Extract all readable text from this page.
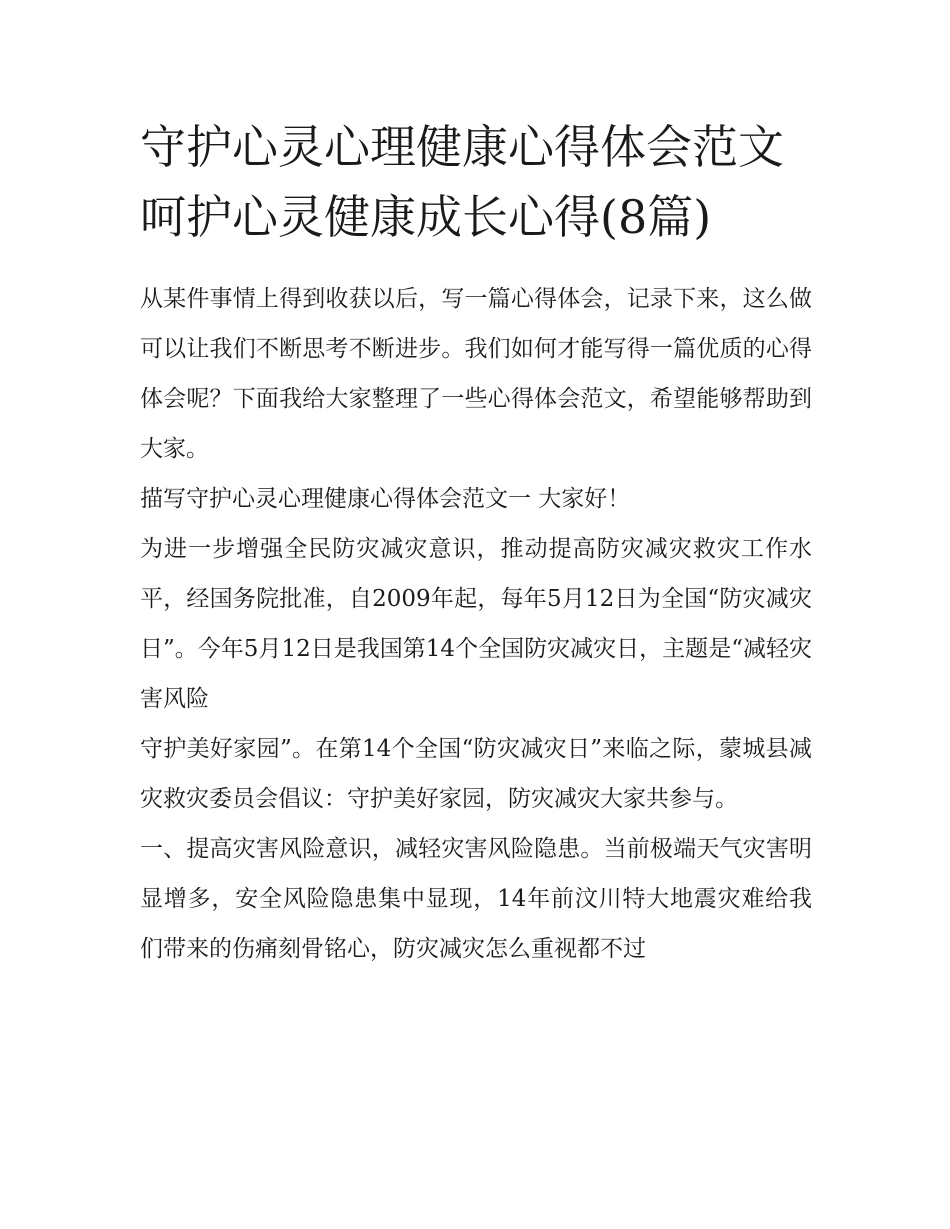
守护心灵心理健康心得体会范文 呵护心灵健康成长心得(8篇)

从某件事情上得到收获以后，写一篇心得体会，记录下来，这么做可以让我们不断思考不断进步。我们如何才能写得一篇优质的心得体会呢？下面我给大家整理了一些心得体会范文，希望能够帮助到大家。

描写守护心灵心理健康心得体会范文一 大家好！

为进一步增强全民防灾减灾意识，推动提高防灾减灾救灾工作水平，经国务院批准，自2009年起，每年5月12日为全国“防灾减灾日”。今年5月12日是我国第14个全国防灾减灾日，主题是“减轻灾害风险

守护美好家园”。在第14个全国“防灾减灾日”来临之际，蒙城县减灾救灾委员会倡议：守护美好家园，防灾减灾大家共参与。

一、提高灾害风险意识，减轻灾害风险隐患。当前极端天气灾害明显增多，安全风险隐患集中显现，14年前汶川特大地震灾难给我们带来的伤痛刻骨铭心，防灾减灾怎么重视都不过
